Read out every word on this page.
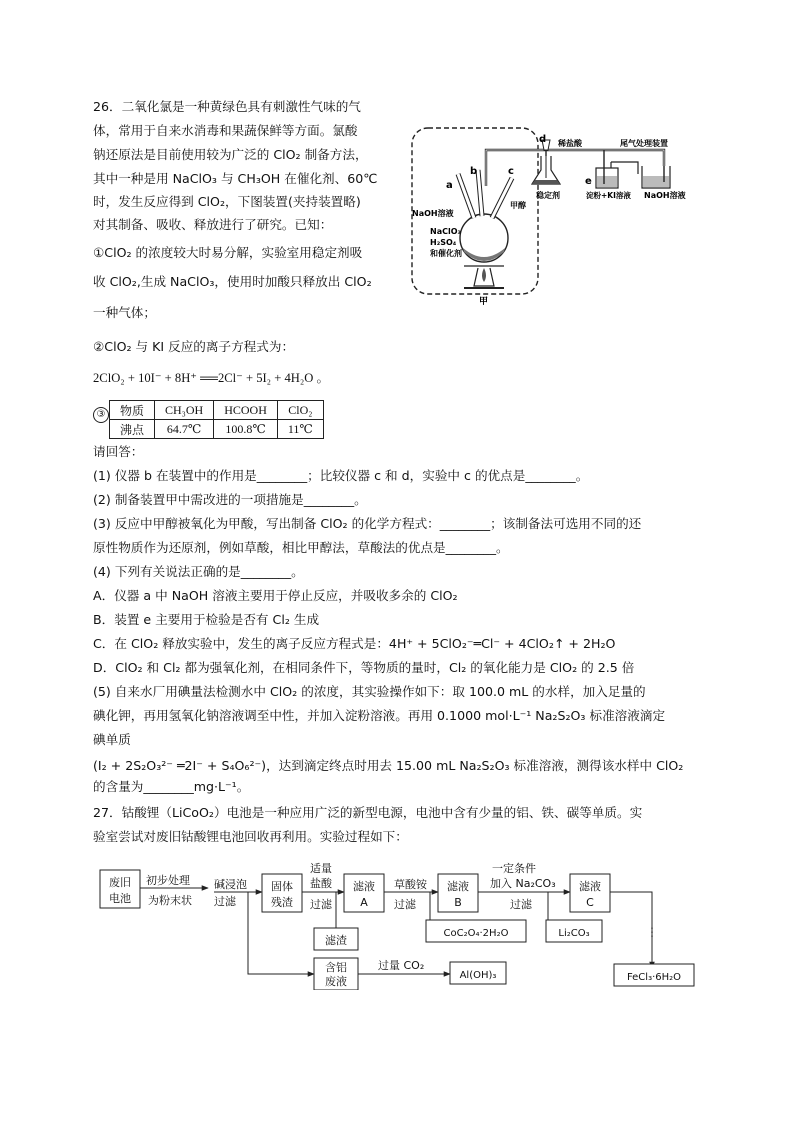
26．二氧化氯是一种黄绿色具有刺激性气味的气
体，常用于自来水消毒和果蔬保鲜等方面。氯酸
钠还原法是目前使用较为广泛的 ClO₂ 制备方法，
其中一种是用 NaClO₃ 与 CH₃OH 在催化剂、60℃
时，发生反应得到 ClO₂，下图装置(夹持装置略)
对其制备、吸收、释放进行了研究。已知：
①ClO₂ 的浓度较大时易分解，实验室用稳定剂吸
收 ClO₂,生成 NaClO₃，使用时加酸只释放出 ClO₂
一种气体；
②ClO₂ 与 KI 反应的离子方程式为：
2ClO₂ + 10I⁻ + 8H⁺ ══2Cl⁻ + 5I₂ + 4H₂O 。
③ 物质	CH₃OH	HCOOH	ClO₂
沸点	64.7℃	100.8℃	11℃
请回答：
(1) 仪器 b 在装置中的作用是________；比较仪器 c 和 d，实验中 c 的优点是________。
(2) 制备装置甲中需改进的一项措施是________。
(3) 反应中甲醇被氧化为甲酸，写出制备 ClO₂ 的化学方程式：________；该制备法可选用不同的还
原性物质作为还原剂，例如草酸，相比甲醇法，草酸法的优点是________。
(4) 下列有关说法正确的是________。
A．仪器 a 中 NaOH 溶液主要用于停止反应，并吸收多余的 ClO₂
B．装置 e 主要用于检验是否有 Cl₂ 生成
C．在 ClO₂ 释放实验中，发生的离子反应方程式是：4H⁺ + 5ClO₂⁻═Cl⁻ + 4ClO₂↑ + 2H₂O
D．ClO₂ 和 Cl₂ 都为强氧化剂，在相同条件下，等物质的量时，Cl₂ 的氧化能力是 ClO₂ 的 2.5 倍
(5) 自来水厂用碘量法检测水中 ClO₂ 的浓度，其实验操作如下：取 100.0 mL 的水样，加入足量的
碘化钾，再用氢氧化钠溶液调至中性，并加入淀粉溶液。再用 0.1000 mol·L⁻¹ Na₂S₂O₃ 标准溶液滴定
碘单质
(I₂ + 2S₂O₃²⁻ ═2I⁻ + S₄O₆²⁻)，达到滴定终点时用去 15.00 mL Na₂S₂O₃ 标准溶液，测得该水样中 ClO₂
的含量为________mg·L⁻¹。
27．钴酸锂（LiCoO₂）电池是一种应用广泛的新型电源，电池中含有少量的铝、铁、碳等单质。实
验室尝试对废旧钴酸锂电池回收再利用。实验过程如下：
d 稀盐酸	尾气处理装置
稳定剂
e
淀粉+KI溶液 NaOH溶液
a
b	c
NaOH溶液
甲醇
NaClO₃
H₂SO₄
和催化剂
甲
废旧
电池
初步处理
为粉末状
碱浸泡
过滤
固体
残渣
适量
盐酸
过滤
滤液
A
草酸铵
过滤
滤液
B
一定条件
加入 Na₂CO₃
过滤
滤液
C
滤渣
CoC₂O₄·2H₂O	Li₂CO₃	⋮
FeCl₃·6H₂O
含铝
废液
过量 CO₂
Al(OH)₃
